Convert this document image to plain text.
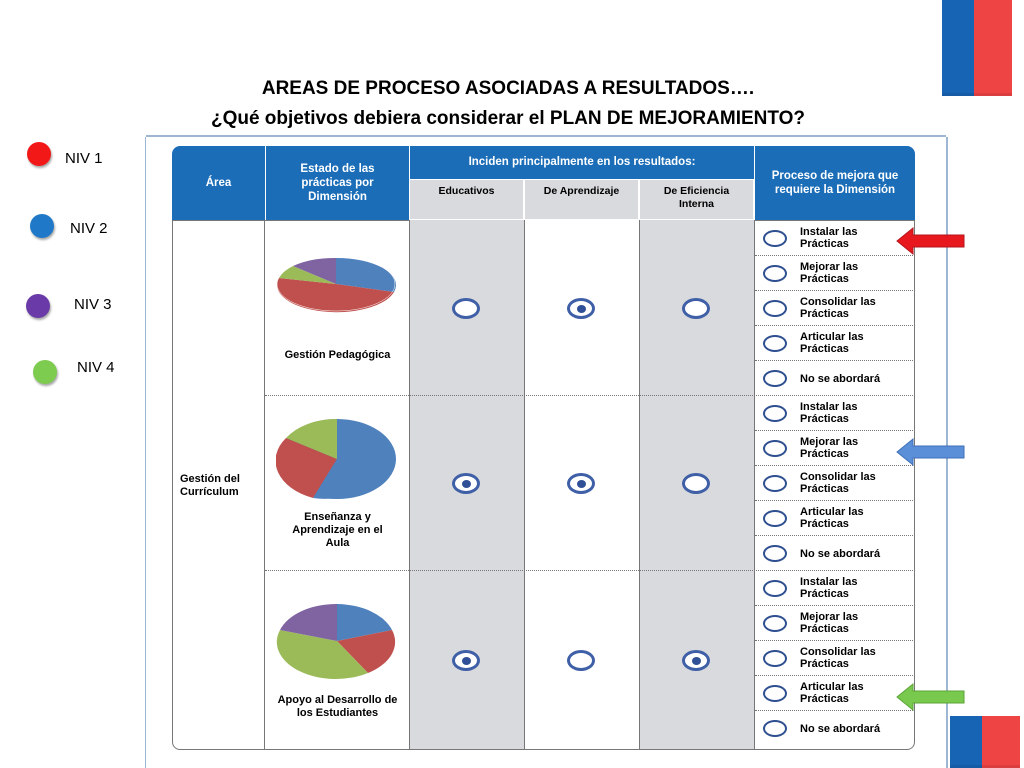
AREAS DE PROCESO ASOCIADAS A RESULTADOS….
¿Qué objetivos debiera considerar el PLAN DE MEJORAMIENTO?
NIV 1
NIV 2
NIV 3
NIV 4
Área
Estado de las prácticas por Dimensión
Inciden principalmente en los resultados:
Proceso de mejora que requiere la Dimensión
Educativos	De Aprendizaje	De Eficiencia Interna
Gestión del Currículum
Gestión Pedagógica
Enseñanza y Aprendizaje en el Aula
Apoyo al Desarrollo de los Estudiantes
Instalar las Prácticas
Mejorar las Prácticas
Consolidar las Prácticas
Articular las Prácticas
No se abordará
Instalar las Prácticas
Mejorar las Prácticas
Consolidar las Prácticas
Articular las Prácticas
No se abordará
Instalar las Prácticas
Mejorar las Prácticas
Consolidar las Prácticas
Articular las Prácticas
No se abordará
